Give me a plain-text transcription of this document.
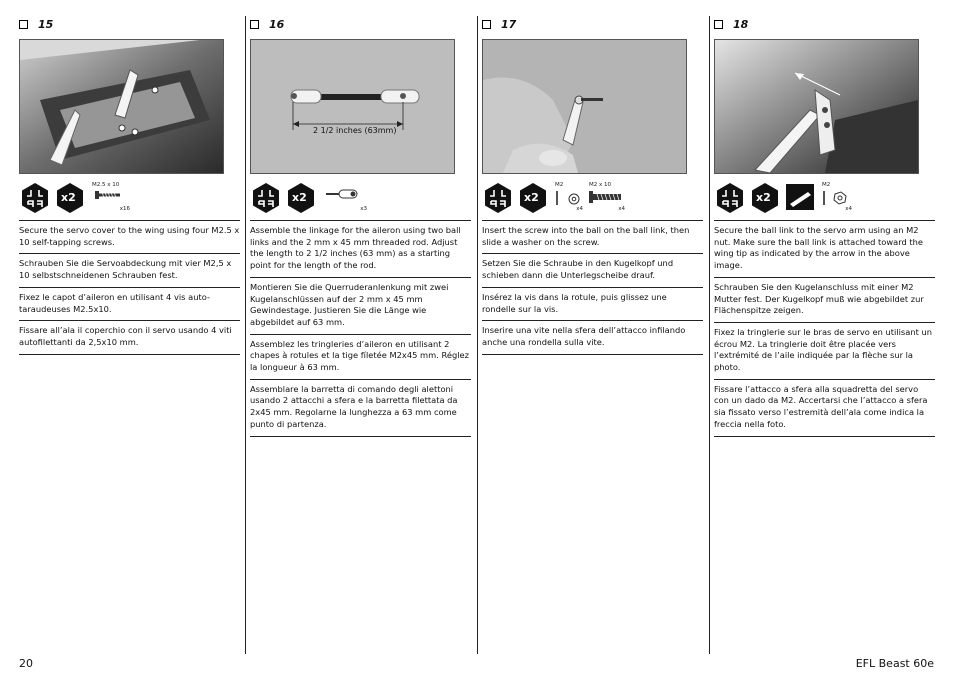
15
x2
M2.5 x 10
x16
Secure the servo cover to the wing using four M2.5 x 10 self-tapping screws.
Schrauben Sie die Servoabdeckung mit vier M2,5 x 10 selbstschneidenen Schrauben fest.
Fixez le capot d’aileron en utilisant 4 vis auto-taraudeuses M2.5x10.
Fissare all’ala il coperchio con il servo usando 4 viti autofilettanti da 2,5x10 mm.
16
2 1/2 inches (63mm)
x2
x3
Assemble the linkage for the aileron using two ball links and the 2 mm x 45 mm threaded rod. Adjust the length to 2 1/2 inches (63 mm) as a starting point for the length of the rod.
Montieren Sie die Querruderanlenkung mit zwei Kugelanschlüssen auf der 2 mm x 45 mm Gewindestage. Justieren Sie die Länge wie abgebildet auf 63 mm.
Assemblez les tringleries d’aileron en utilisant 2 chapes à rotules et la tige fíletée M2x45 mm. Réglez la longueur à 63 mm.
Assemblare la barretta di comando degli alettoni usando 2 attacchi a sfera e la barretta filettata da 2x45 mm. Regolarne la lunghezza a 63 mm come punto di partenza.
17
x2
M2
x4
M2 x 10
x4
Insert the screw into the ball on the ball link, then slide a washer on the screw.
Setzen Sie die Schraube in den Kugelkopf und schieben dann die Unterlegscheibe drauf.
Insérez la vis dans la rotule, puis glissez une rondelle sur la vis.
Inserire una vite nella sfera dell’attacco infilando anche una rondella sulla vite.
18
x2
M2
x4
Secure the ball link to the servo arm using an M2 nut. Make sure the ball link is attached toward the wing tip as indicated by the arrow in the above image.
Schrauben Sie den Kugelanschluss mit einer M2 Mutter fest. Der Kugelkopf muß wie abgebildet zur Flächenspitze zeigen.
Fixez la tringlerie sur le bras de servo en utilisant un écrou M2. La tringlerie doit être placée vers l’extrémité de l’aile indiquée par la flèche sur la photo.
Fissare l’attacco a sfera alla squadretta del servo con un dado da M2. Accertarsi che l’attacco a sfera sia fissato verso l’estremità dell’ala come indica la freccia nella foto.
20	EFL Beast 60e
